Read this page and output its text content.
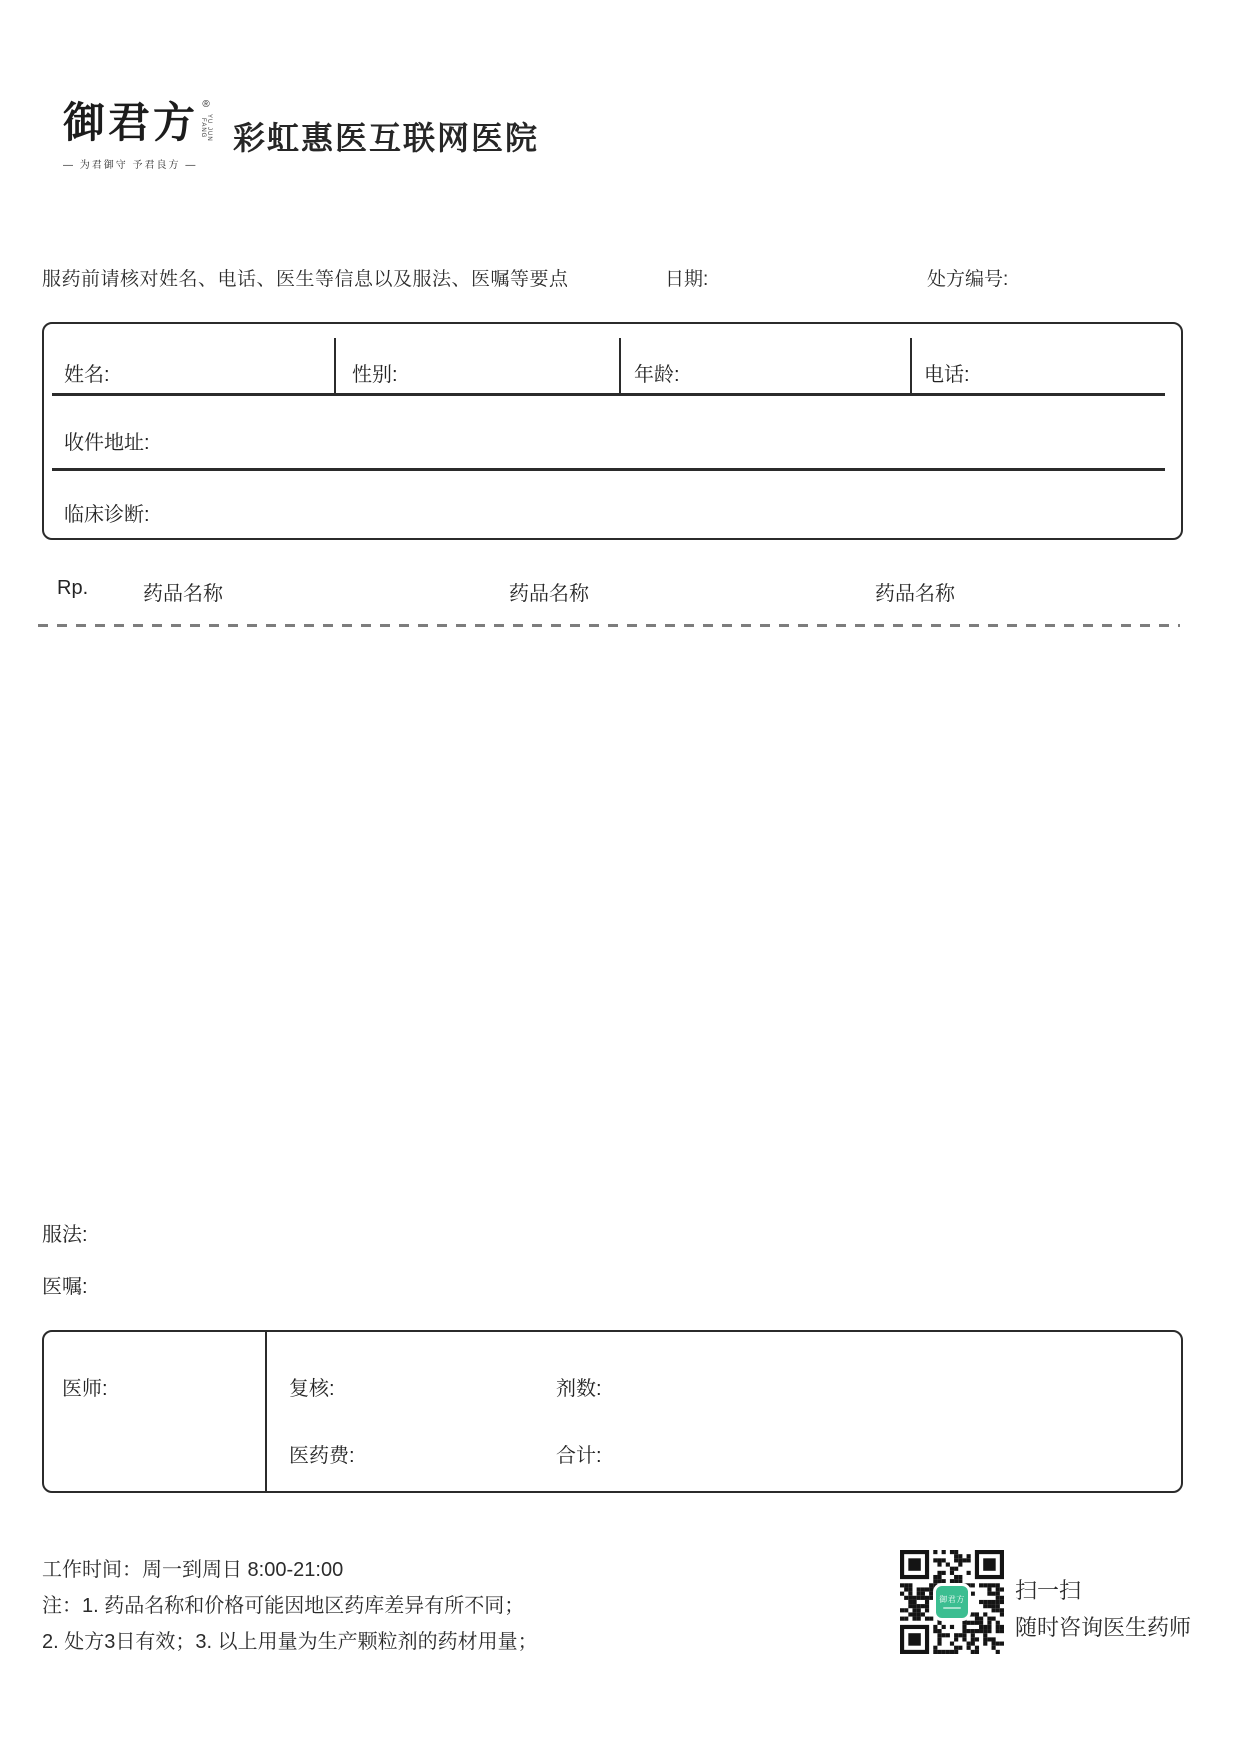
御君方 ®
YU JUN FANG
— 为君御守 予君良方 —
彩虹惠医互联网医院
服药前请核对姓名、电话、医生等信息以及服法、医嘱等要点	日期:	处方编号:
姓名:	性别:	年龄:	电话:
收件地址:
临床诊断:
Rp.	药品名称	药品名称	药品名称
服法:
医嘱:
医师:	复核:	剂数:
医药费:	合计:
工作时间：周一到周日 8:00-21:00
注：1. 药品名称和价格可能因地区药库差异有所不同；
2. 处方3日有效；3. 以上用量为生产颗粒剂的药材用量；
御君方 扫一扫
随时咨询医生药师
